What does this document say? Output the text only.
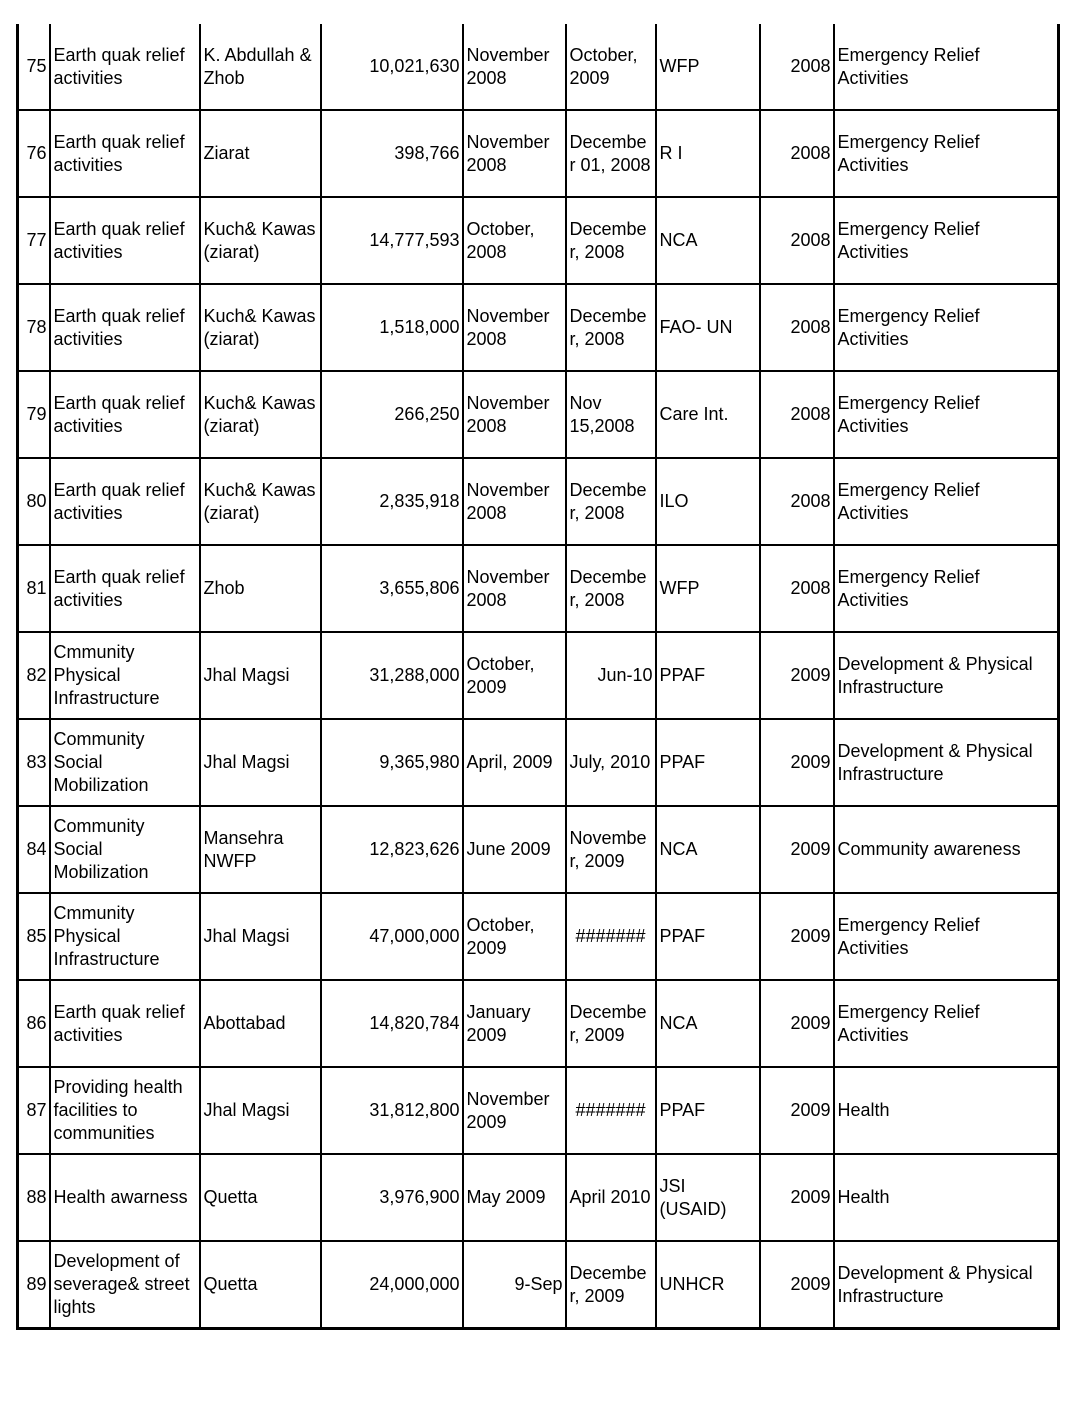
75	Earth quak relief activities	K. Abdullah & Zhob	10,021,630	November 2008	October, 2009	WFP	2008	Emergency Relief Activities
76	Earth quak relief activities	Ziarat	398,766	November 2008	Decembe r 01, 2008	R I	2008	Emergency Relief Activities
77	Earth quak relief activities	Kuch& Kawas (ziarat)	14,777,593	October, 2008	Decembe r, 2008	NCA	2008	Emergency Relief Activities
78	Earth quak relief activities	Kuch& Kawas (ziarat)	1,518,000	November 2008	Decembe r, 2008	FAO- UN	2008	Emergency Relief Activities
79	Earth quak relief activities	Kuch& Kawas (ziarat)	266,250	November 2008	Nov 15,2008	Care Int.	2008	Emergency Relief Activities
80	Earth quak relief activities	Kuch& Kawas (ziarat)	2,835,918	November 2008	Decembe r, 2008	ILO	2008	Emergency Relief Activities
81	Earth quak relief activities	Zhob	3,655,806	November 2008	Decembe r, 2008	WFP	2008	Emergency Relief Activities
82	Cmmunity Physical Infrastructure	Jhal Magsi	31,288,000	October, 2009	Jun-10	PPAF	2009	Development & Physical Infrastructure
83	Community Social Mobilization	Jhal Magsi	9,365,980	April, 2009	July, 2010	PPAF	2009	Development & Physical Infrastructure
84	Community Social Mobilization	Mansehra NWFP	12,823,626	June 2009	Novembe r, 2009	NCA	2009	Community awareness
85	Cmmunity Physical Infrastructure	Jhal Magsi	47,000,000	October, 2009	#######	PPAF	2009	Emergency Relief Activities
86	Earth quak relief activities	Abottabad	14,820,784	January 2009	Decembe r, 2009	NCA	2009	Emergency Relief Activities
87	Providing health facilities to communities	Jhal Magsi	31,812,800	November 2009	#######	PPAF	2009	Health
88	Health awarness	Quetta	3,976,900	May 2009	April 2010	JSI (USAID)	2009	Health
89	Development of severage& street lights	Quetta	24,000,000	9-Sep	Decembe r, 2009	UNHCR	2009	Development & Physical Infrastructure
